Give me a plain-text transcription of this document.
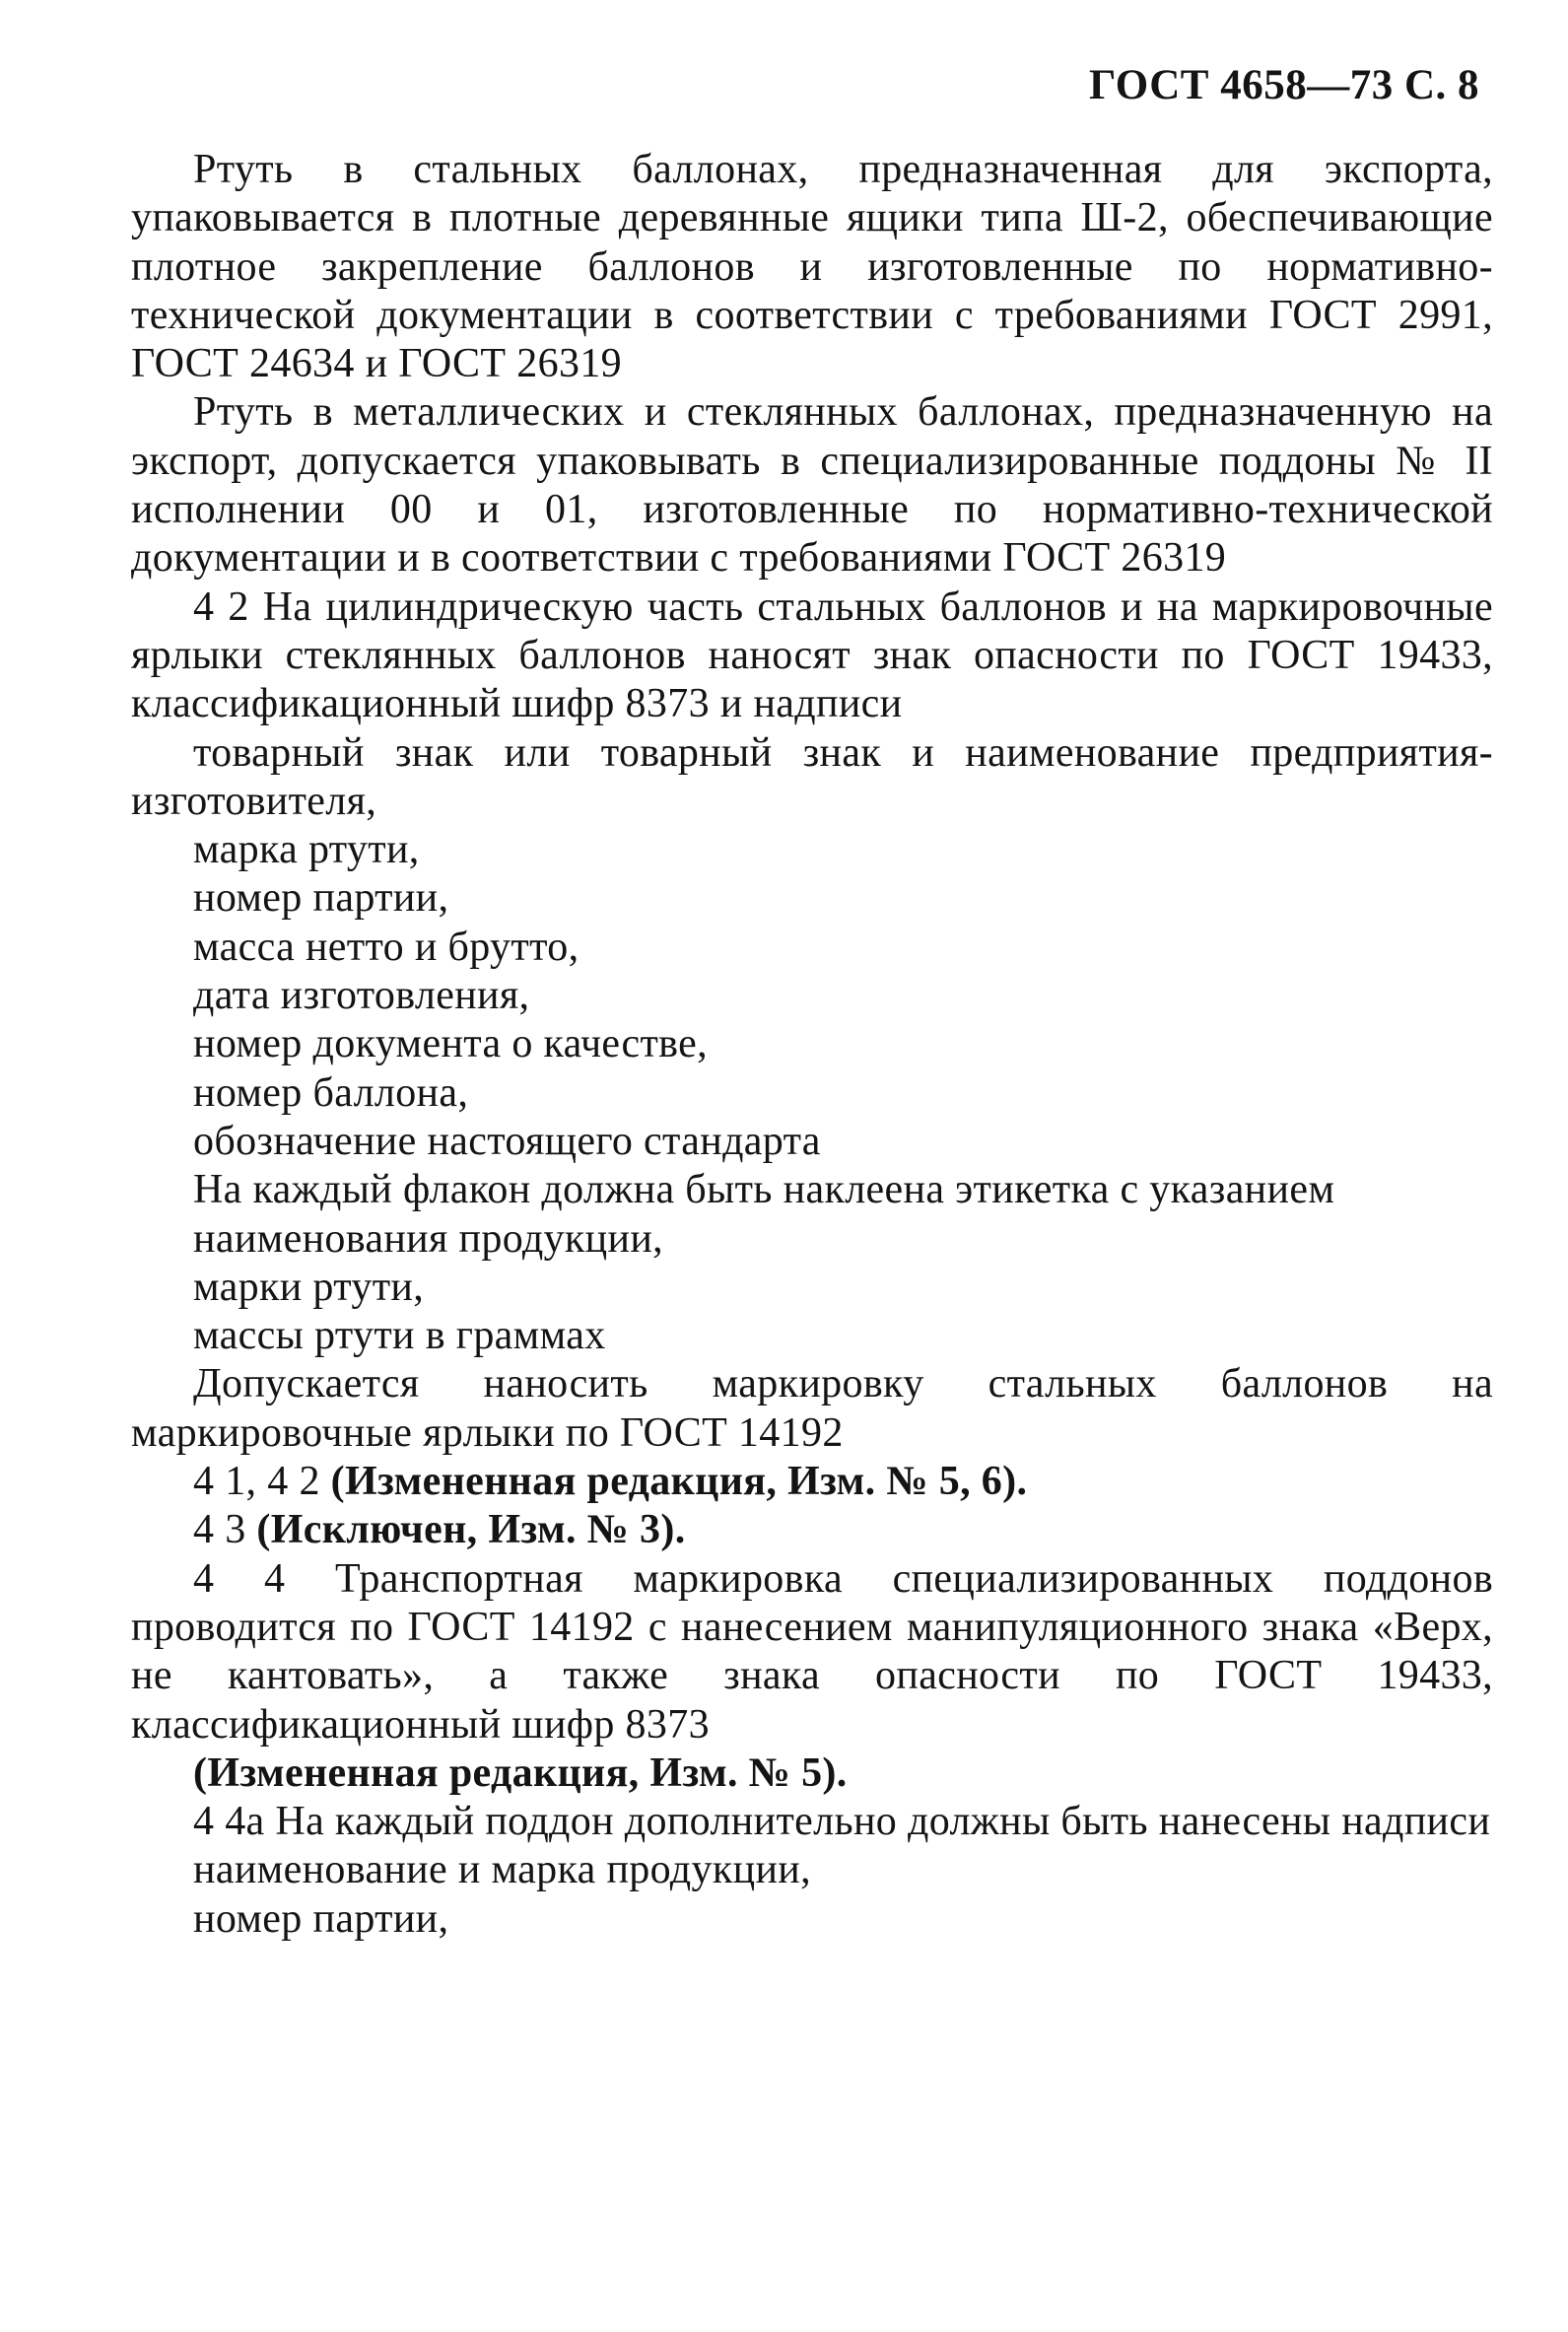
ГОСТ 4658—73 С. 8

Ртуть в стальных баллонах, предназначенная для экспорта, упаковывается в плотные деревянные ящики типа Ш-2, обеспечивающие плотное закрепление баллонов и изготовленные по нормативно-технической документации в соответствии с требованиями ГОСТ 2991, ГОСТ 24634 и ГОСТ 26319

Ртуть в металлических и стеклянных баллонах, предназначенную на экспорт, допускается упаковывать в специализированные поддоны № II исполнении 00 и 01, изготовленные по нормативно-технической документации и в соответствии с требованиями ГОСТ 26319

4 2 На цилиндрическую часть стальных баллонов и на маркировочные ярлыки стеклянных баллонов наносят знак опасности по ГОСТ 19433, классификационный шифр 8373 и надписи

товарный знак или товарный знак и наименование предприятия-изготовителя,

марка ртути,

номер партии,

масса нетто и брутто,

дата изготовления,

номер документа о качестве,

номер баллона,

обозначение настоящего стандарта

На каждый флакон должна быть наклеена этикетка с указанием

наименования продукции,

марки ртути,

массы ртути в граммах

Допускается наносить маркировку стальных баллонов на маркировочные ярлыки по ГОСТ 14192

4 1, 4 2 (Измененная редакция, Изм. № 5, 6).

4 3 (Исключен, Изм. № 3).

4 4 Транспортная маркировка специализированных поддонов проводится по ГОСТ 14192 с нанесением манипуляционного знака «Верх, не кантовать», а также знака опасности по ГОСТ 19433, классификационный шифр 8373

(Измененная редакция, Изм. № 5).

4 4а На каждый поддон дополнительно должны быть нанесены надписи

наименование и марка продукции,

номер партии,
